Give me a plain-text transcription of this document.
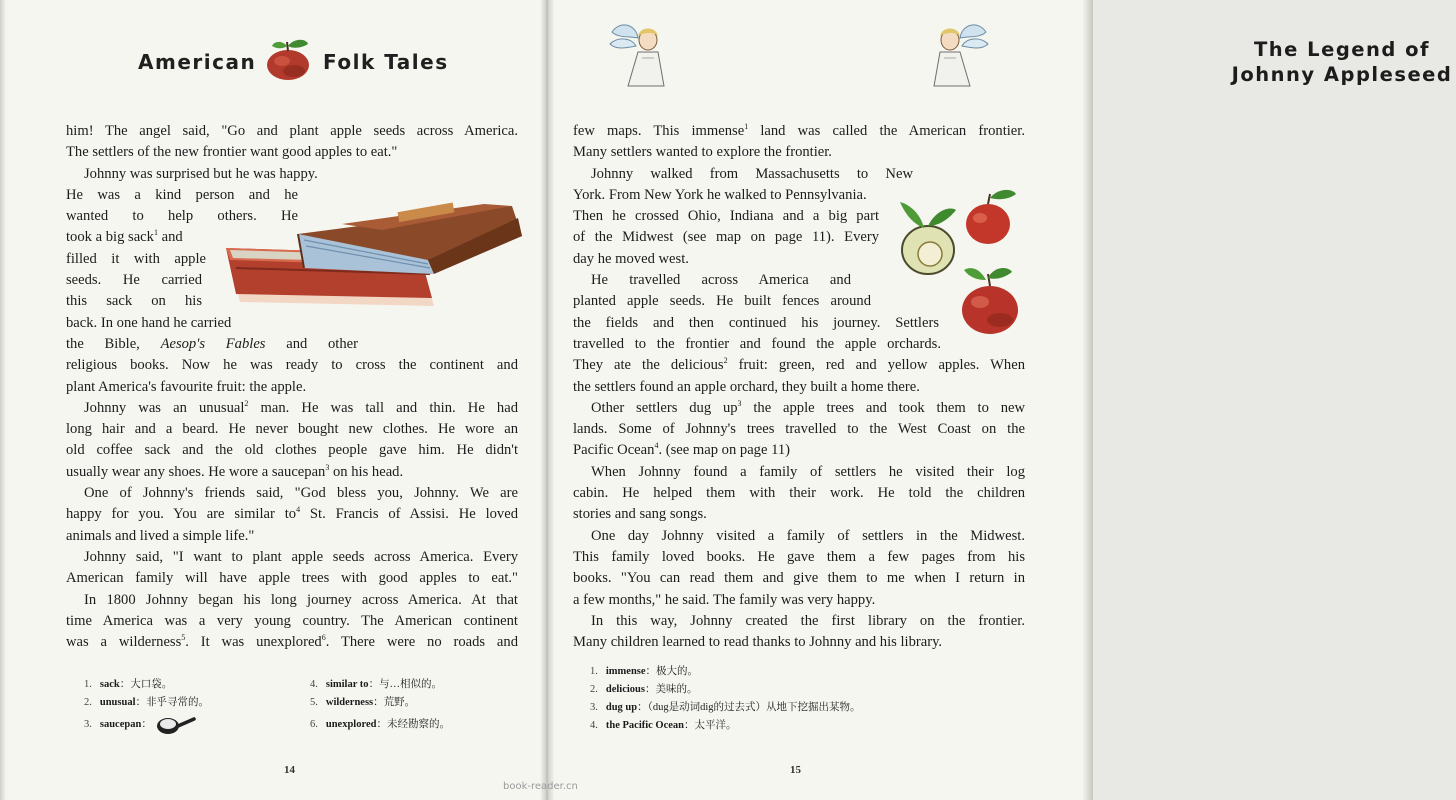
American	Folk Tales

him! The angel said, "Go and plant apple seeds across America.

The settlers of the new frontier want good apples to eat."

Johnny was surprised but he was happy.

He was a kind person and he

wanted to help others. He

took a big sack$^1$ and

filled it with apple

seeds. He carried

this sack on his

back. In one hand he carried

the Bible, Aesop's Fables and other

religious books. Now he was ready to cross the continent and

plant America's favourite fruit: the apple.

Johnny was an unusual$^2$ man. He was tall and thin. He had

long hair and a beard. He never bought new clothes. He wore an

old coffee sack and the old clothes people gave him. He didn't

usually wear any shoes. He wore a saucepan$^3$ on his head.

One of Johnny's friends said, "God bless you, Johnny. We are

happy for you. You are similar $to^4$ St. Francis of Assisi. He loved

animals and lived a simple life."

Johnny said, "I want to plant apple seeds across America. Every

American family will have apple trees with good apples to eat."

In 1800 Johnny began his long journey across America. At that

time America was a very young country. The American continent

was a wilderness$^5$. It was unexplored$^6$. There were no roads and

1. sack：大口袋。
2. unusual：非乎寻常的。
3. saucepan ：
4. similar to：与…相似的。
5. wilderness：荒野。
6. unexplored ：未经勘察的。
14
The Legend of
Johnny Appleseed

few maps. This immense$^1$ land was called the American frontier.

Many settlers wanted to explore the frontier.

Johnny walked from Massachusetts to New

York. From New York he walked to Pennsylvania.

Then he crossed Ohio, Indiana and a big part

of the Midwest (see map on page 11). Every

day he moved west.

He travelled across America and

planted apple seeds. He built fences around

the fields and then continued his journey. Settlers

travelled to the frontier and found the apple orchards.

They ate the delicious$^2$ fruit: green, red and yellow apples. When

the settlers found an apple orchard, they built a home there.

Other settlers dug $up^3$ the apple trees and took them to new

lands. Some of Johnny's trees travelled to the West Coast on the

Pacific Ocean$^4$. (see map on page 11)

When Johnny found a family of settlers he visited their log

cabin. He helped them with their work. He told the children

stories and sang songs.

One day Johnny visited a family of settlers in the Midwest.

This family loved books. He gave them a few pages from his

books. "You can read them and give them to me when I return in

a few months," he said. The family was very happy.

In this way, Johnny created the first library on the frontier.

Many children learned to read thanks to Johnny and his library.

1. immense：极大的。
2. delicious：美味的。
3. dug up：（dug是动词dig的过去式）从地下挖掘出某物。
4. the Pacific Ocean：太平洋。
15
book-reader.cn
